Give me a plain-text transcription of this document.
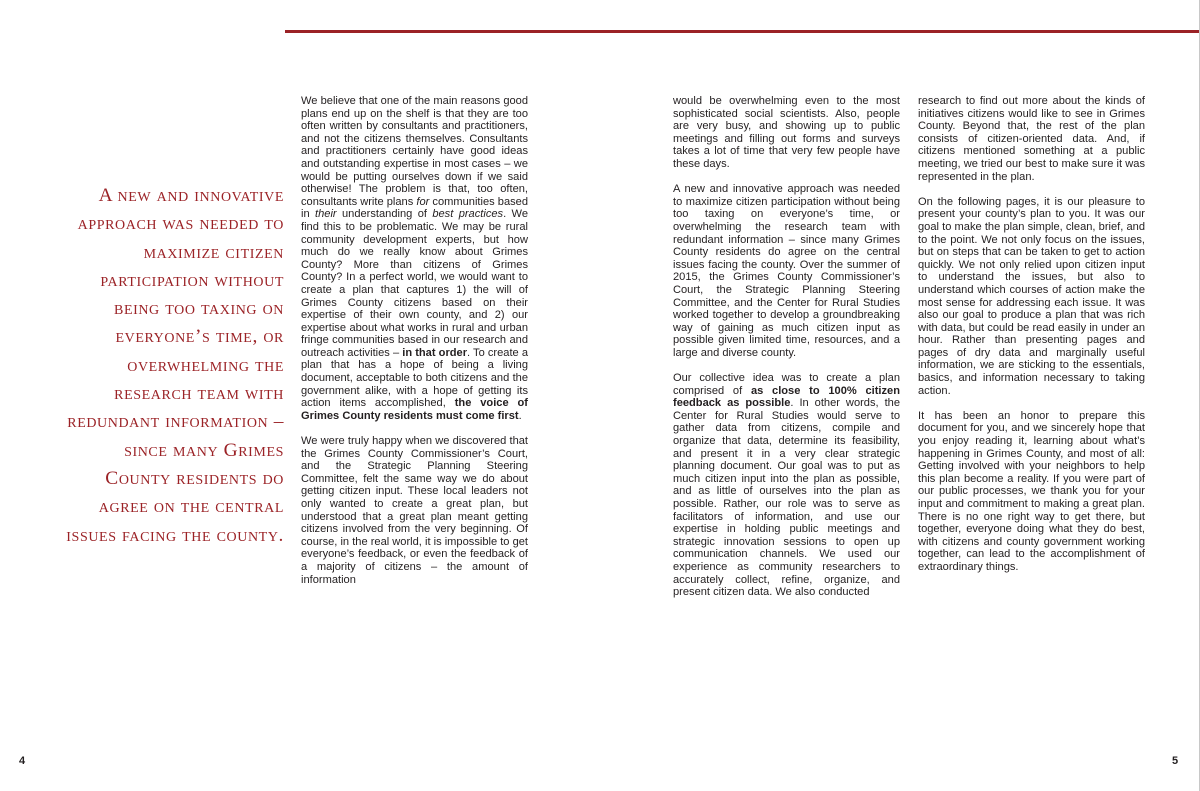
A new and innovative approach was needed to maximize citizen participation without being too taxing on everyone’s time, or overwhelming the research team with redundant information – since many Grimes County residents do agree on the central issues facing the county.
4

We believe that one of the main reasons good plans end up on the shelf is that they are too often written by consultants and practitioners, and not the citizens themselves. Consultants and practitioners certainly have good ideas and outstanding expertise in most cases – we would be putting ourselves down if we said otherwise! The problem is that, too often, consultants write plans for communities based in their understanding of best practices. We find this to be problematic. We may be rural community development experts, but how much do we really know about Grimes County? More than citizens of Grimes County? In a perfect world, we would want to create a plan that captures 1) the will of Grimes County citizens based on their expertise of their own county, and 2) our expertise about what works in rural and urban fringe communities based in our research and outreach activities – in that order. To create a plan that has a hope of being a living document, acceptable to both citizens and the government alike, with a hope of getting its action items accomplished, the voice of Grimes County residents must come first.

We were truly happy when we discovered that the Grimes County Commissioner’s Court, and the Strategic Planning Steering Committee, felt the same way we do about getting citizen input. These local leaders not only wanted to create a great plan, but understood that a great plan meant getting citizens involved from the very beginning. Of course, in the real world, it is impossible to get everyone’s feedback, or even the feedback of a majority of citizens – the amount of information

would be overwhelming even to the most sophisticated social scientists. Also, people are very busy, and showing up to public meetings and filling out forms and surveys takes a lot of time that very few people have these days.

A new and innovative approach was needed to maximize citizen participation without being too taxing on everyone’s time, or overwhelming the research team with redundant information – since many Grimes County residents do agree on the central issues facing the county. Over the summer of 2015, the Grimes County Commissioner’s Court, the Strategic Planning Steering Committee, and the Center for Rural Studies worked together to develop a groundbreaking way of gaining as much citizen input as possible given limited time, resources, and a large and diverse county.

Our collective idea was to create a plan comprised of as close to 100% citizen feedback as possible. In other words, the Center for Rural Studies would serve to gather data from citizens, compile and organize that data, determine its feasibility, and present it in a very clear strategic planning document. Our goal was to put as much citizen input into the plan as possible, and as little of ourselves into the plan as possible. Rather, our role was to serve as facilitators of information, and use our expertise in holding public meetings and strategic innovation sessions to open up communication channels. We used our experience as community researchers to accurately collect, refine, organize, and present citizen data. We also conducted

research to find out more about the kinds of initiatives citizens would like to see in Grimes County. Beyond that, the rest of the plan consists of citizen-oriented data. And, if citizens mentioned something at a public meeting, we tried our best to make sure it was represented in the plan.

On the following pages, it is our pleasure to present your county’s plan to you. It was our goal to make the plan simple, clean, brief, and to the point. We not only focus on the issues, but on steps that can be taken to get to action quickly. We not only relied upon citizen input to understand the issues, but also to understand which courses of action make the most sense for addressing each issue. It was also our goal to produce a plan that was rich with data, but could be read easily in under an hour. Rather than presenting pages and pages of dry data and marginally useful information, we are sticking to the essentials, basics, and information necessary to taking action.

It has been an honor to prepare this document for you, and we sincerely hope that you enjoy reading it, learning about what’s happening in Grimes County, and most of all: Getting involved with your neighbors to help this plan become a reality. If you were part of our public processes, we thank you for your input and commitment to making a great plan. There is no one right way to get there, but together, everyone doing what they do best, with citizens and county government working together, can lead to the accomplishment of extraordinary things.

5
